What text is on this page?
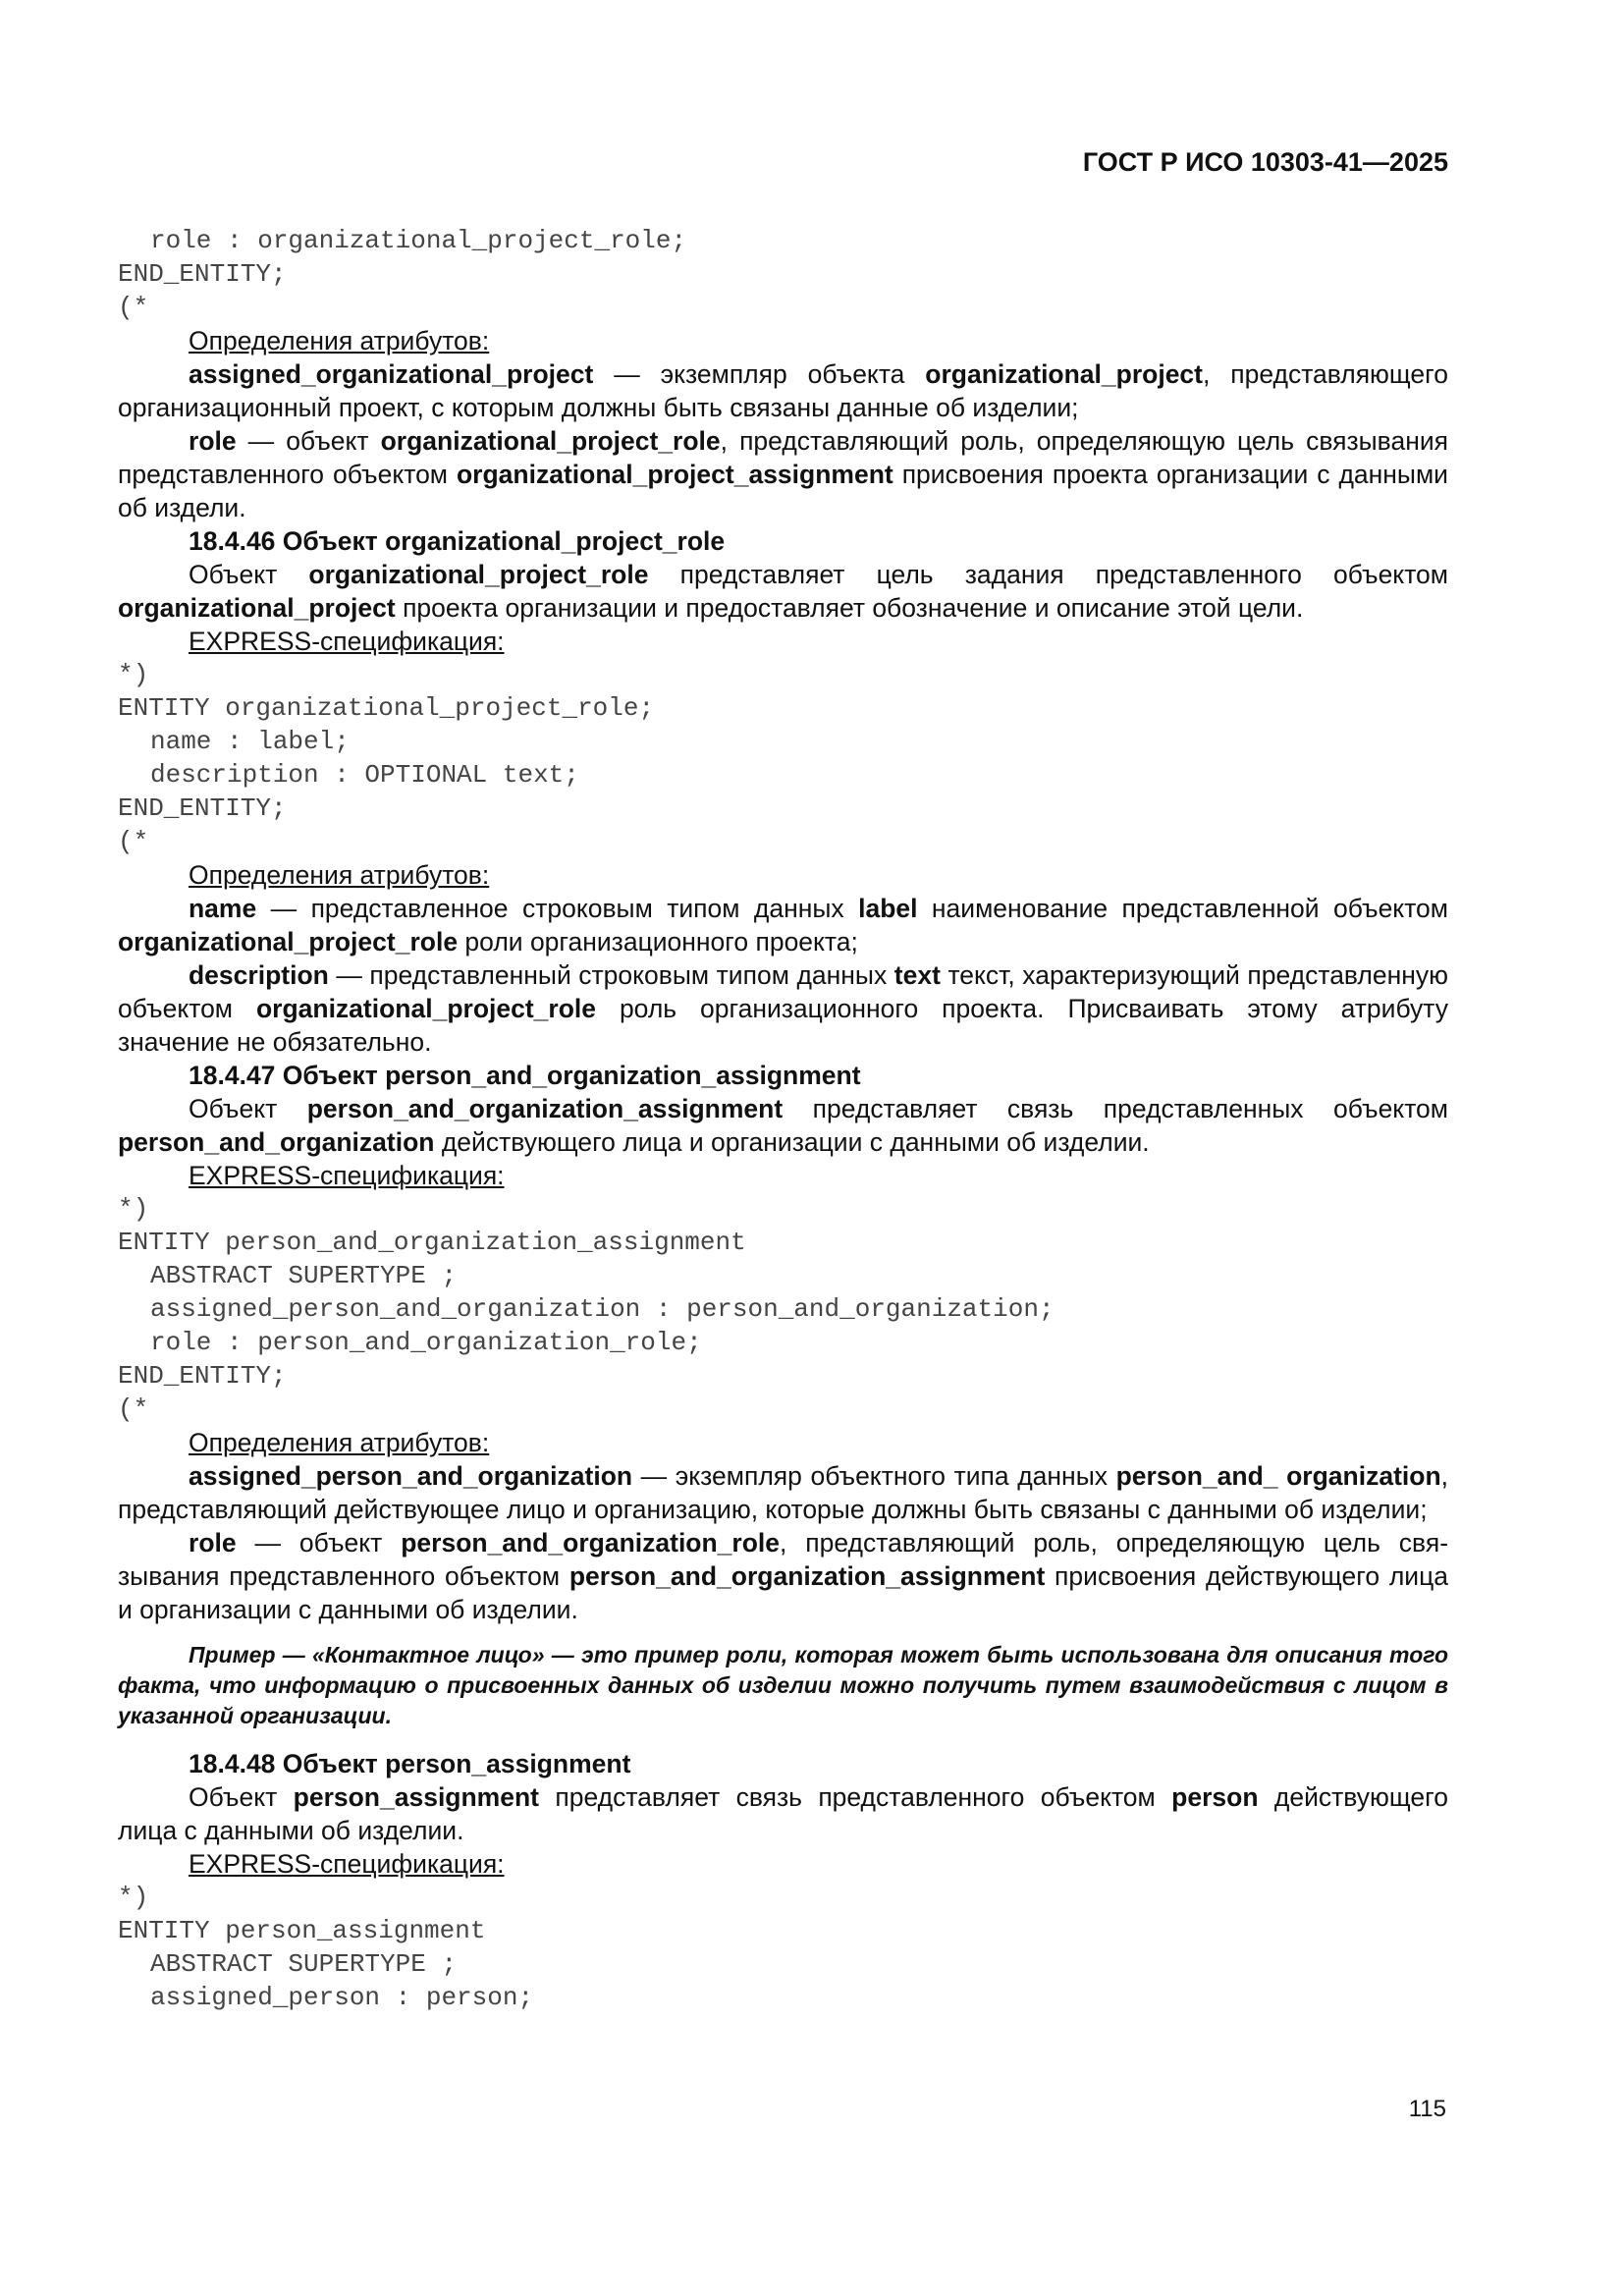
ГОСТ Р ИСО 10303-41—2025

role : organizational_project_role;

END_ENTITY;

(*

Определения атрибутов:

assigned_organizational_project — экземпляр объекта organizational_project, представляющего организационный проект, с которым должны быть связаны данные об изделии;

role — объект organizational_project_role, представляющий роль, определяющую цель связывания представленного объектом organizational_project_assignment присвоения проекта организации с данными об издели.

18.4.46 Объект organizational_project_role

Объект organizational_project_role представляет цель задания представленного объектом organizational_project проекта организации и предоставляет обозначение и описание этой цели.

EXPRESS-спецификация:

*)

ENTITY organizational_project_role;

name : label;

description : OPTIONAL text;

END_ENTITY;

(*

Определения атрибутов:

name — представленное строковым типом данных label наименование представленной объектом organizational_project_role роли организационного проекта;

description — представленный строковым типом данных text текст, характеризующий представленную объектом organizational_project_role роль организационного проекта. Присваивать этому атрибуту значение не обязательно.

18.4.47 Объект person_and_organization_assignment

Объект person_and_organization_assignment представляет связь представленных объектом person_and_organization действующего лица и организации с данными об изделии.

EXPRESS-спецификация:

*)

ENTITY person_and_organization_assignment

ABSTRACT SUPERTYPE ;

assigned_person_and_organization : person_and_organization;

role : person_and_organization_role;

END_ENTITY;

(*

Определения атрибутов:

assigned_person_and_organization — экземпляр объектного типа данных person_and_ organization, представляющий действующее лицо и организацию, которые должны быть связаны с данными об изделии;

role — объект person_and_organization_role, представляющий роль, определяющую цель связывания представленного объектом person_and_organization_assignment присвоения действующего лица и организации с данными об изделии.

Пример — «Контактное лицо» — это пример роли, которая может быть использована для описания того факта, что информацию о присвоенных данных об изделии можно получить путем взаимодействия с лицом в указанной организации.

18.4.48 Объект person_assignment

Объект person_assignment представляет связь представленного объектом person действующего лица с данными об изделии.

EXPRESS-спецификация:

*)

ENTITY person_assignment

ABSTRACT SUPERTYPE ;

assigned_person : person;

115
